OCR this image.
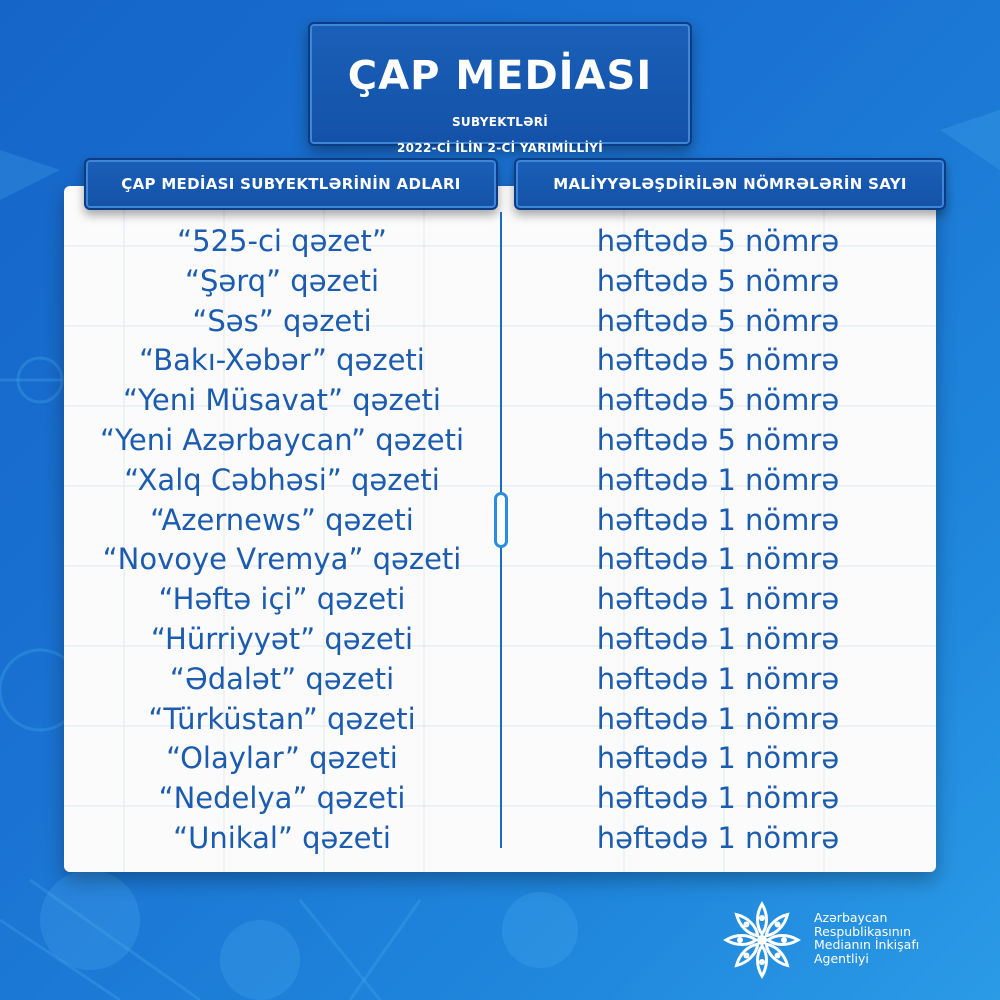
ÇAP MEDİASI
SUBYEKTLƏRİ
2022-Cİ İLİN 2-Cİ YARIMİLLİYİ
ÇAP MEDİASI SUBYEKTLƏRİNİN ADLARI	MALİYYƏLƏŞDİRİLƏN NÖMRƏLƏRİN SAYI
“525-ci qəzet”	həftədə 5 nömrə
“Şərq” qəzeti	həftədə 5 nömrə
“Səs” qəzeti	həftədə 5 nömrə
“Bakı-Xəbər” qəzeti	həftədə 5 nömrə
“Yeni Müsavat” qəzeti	həftədə 5 nömrə
“Yeni Azərbaycan” qəzeti	həftədə 5 nömrə
“Xalq Cəbhəsi” qəzeti	həftədə 1 nömrə
“Azernews” qəzeti	həftədə 1 nömrə
“Novoye Vremya” qəzeti	həftədə 1 nömrə
“Həftə içi” qəzeti	həftədə 1 nömrə
“Hürriyyət” qəzeti	həftədə 1 nömrə
“Ədalət” qəzeti	həftədə 1 nömrə
“Türküstan” qəzeti	həftədə 1 nömrə
“Olaylar” qəzeti	həftədə 1 nömrə
“Nedelya” qəzeti	həftədə 1 nömrə
“Unikal” qəzeti	həftədə 1 nömrə
Azərbaycan
Respublikasının
Medianın İnkişafı
Agentliyi
